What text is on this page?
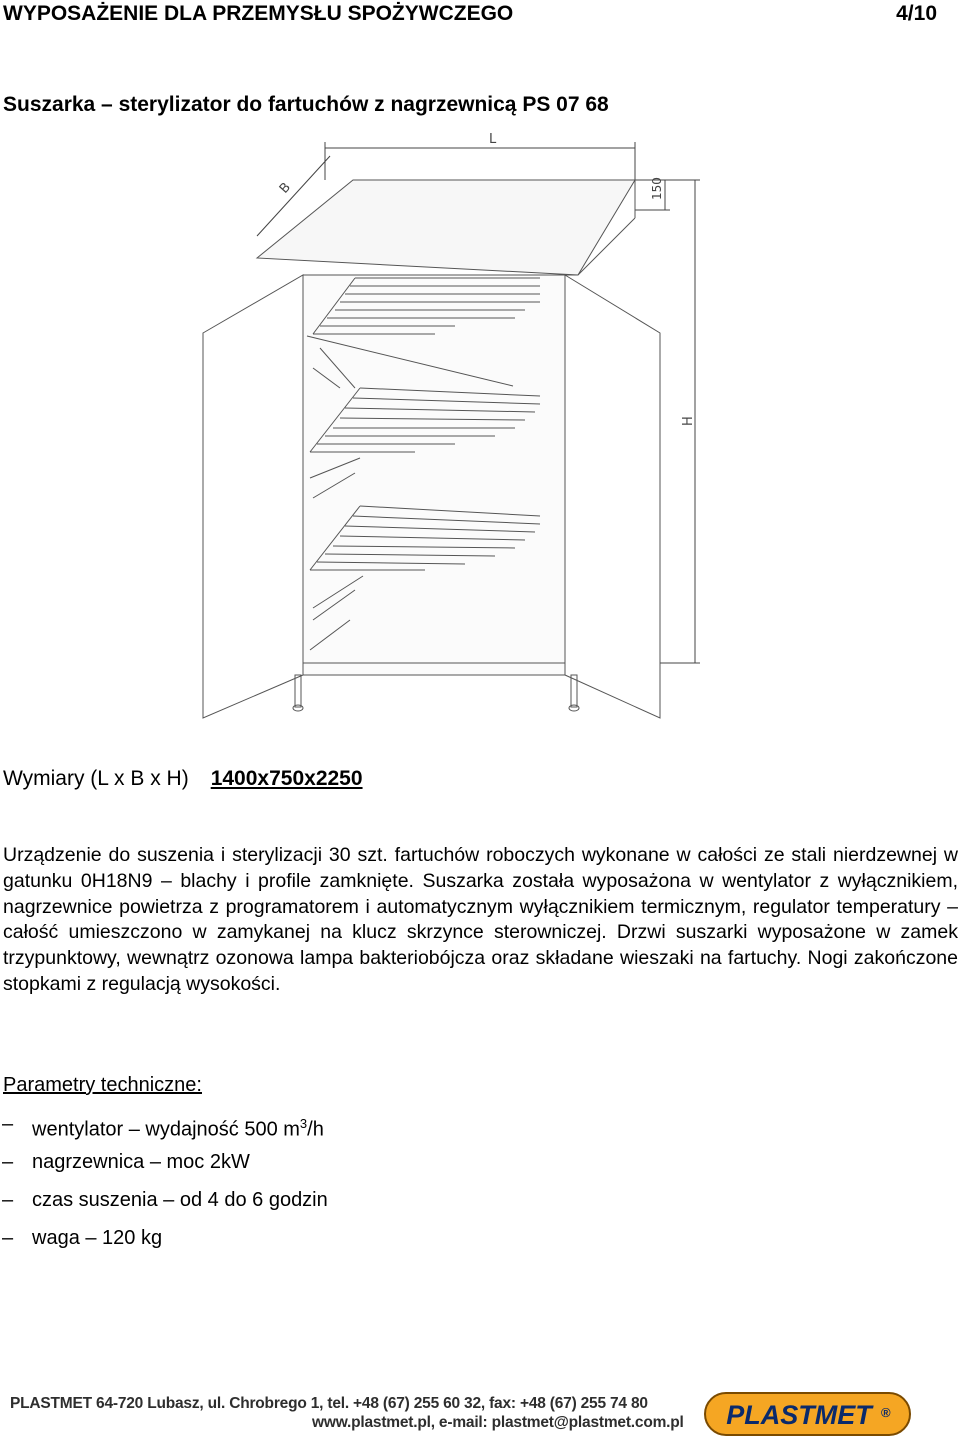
WYPOSAŻENIE DLA PRZEMYSŁU SPOŻYWCZEGO	4/10
Suszarka – sterylizator do fartuchów z nagrzewnicą PS 07 68
L
B	150
H
Wymiary (L x B x H) 1400x750x2250

Urządzenie do suszenia i sterylizacji 30 szt. fartuchów roboczych wykonane w całości ze stali nierdzewnej w gatunku 0H18N9 – blachy i profile zamknięte. Suszarka została wyposażona w wentylator z wyłącznikiem, nagrzewnice powietrza z programatorem i automatycznym wyłącznikiem termicznym, regulator temperatury – całość umieszczono w zamykanej na klucz skrzynce sterowniczej. Drzwi suszarki wyposażone w zamek trzypunktowy, wewnątrz ozonowa lampa bakteriobójcza oraz składane wieszaki na fartuchy. Nogi zakończone stopkami z regulacją wysokości.

Parametry techniczne:
– wentylator – wydajność 500 $m^3/h$
– nagrzewnica – moc 2kW
– czas suszenia – od 4 do 6 godzin
– waga – 120 kg
PLASTMET 64-720 Lubasz, ul. Chrobrego 1, tel. +48 (67) 255 60 32, fax: +48 (67) 255 74 80
www.plastmet.pl, e-mail: plastmet@plastmet.com.pl PLASTMET ®
